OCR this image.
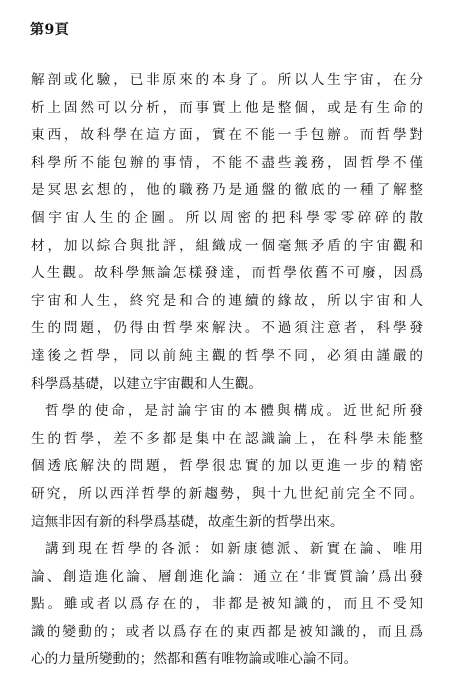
第9頁
解剖或化驗，已非原來的本身了。所以人生宇宙，在分
析上固然可以分析，而事實上他是整個，或是有生命的
東西，故科學在這方面，實在不能一手包辦。而哲學對
科學所不能包辦的事情，不能不盡些義務，固哲學不僅
是冥思玄想的，他的職務乃是通盤的徹底的一種了解整
個宇宙人生的企圖。所以周密的把科學零零碎碎的散
材，加以綜合與批評，組織成一個毫無矛盾的宇宙觀和
人生觀。故科學無論怎樣發達，而哲學依舊不可廢，因爲
宇宙和人生，終究是和合的連續的緣故，所以宇宙和人
生的問題，仍得由哲學來解決。不過須注意者，科學發
達後之哲學，同以前純主觀的哲學不同，必須由謹嚴的
科學爲基礎，以建立宇宙觀和人生觀。
哲學的使命，是討論宇宙的本體與構成。近世紀所發
生的哲學，差不多都是集中在認識論上，在科學未能整
個透底解決的問題，哲學很忠實的加以更進一步的精密
研究，所以西洋哲學的新趨勢，與十九世紀前完全不同。
這無非因有新的科學爲基礎，故產生新的哲學出來。
講到現在哲學的各派：如新康德派、新實在論、唯用
論、創造進化論、層創進化論：通立在‘非實質論’爲出發
點。雖或者以爲存在的，非都是被知識的，而且不受知
識的變動的；或者以爲存在的東西都是被知識的，而且爲
心的力量所變動的；然都和舊有唯物論或唯心論不同。
